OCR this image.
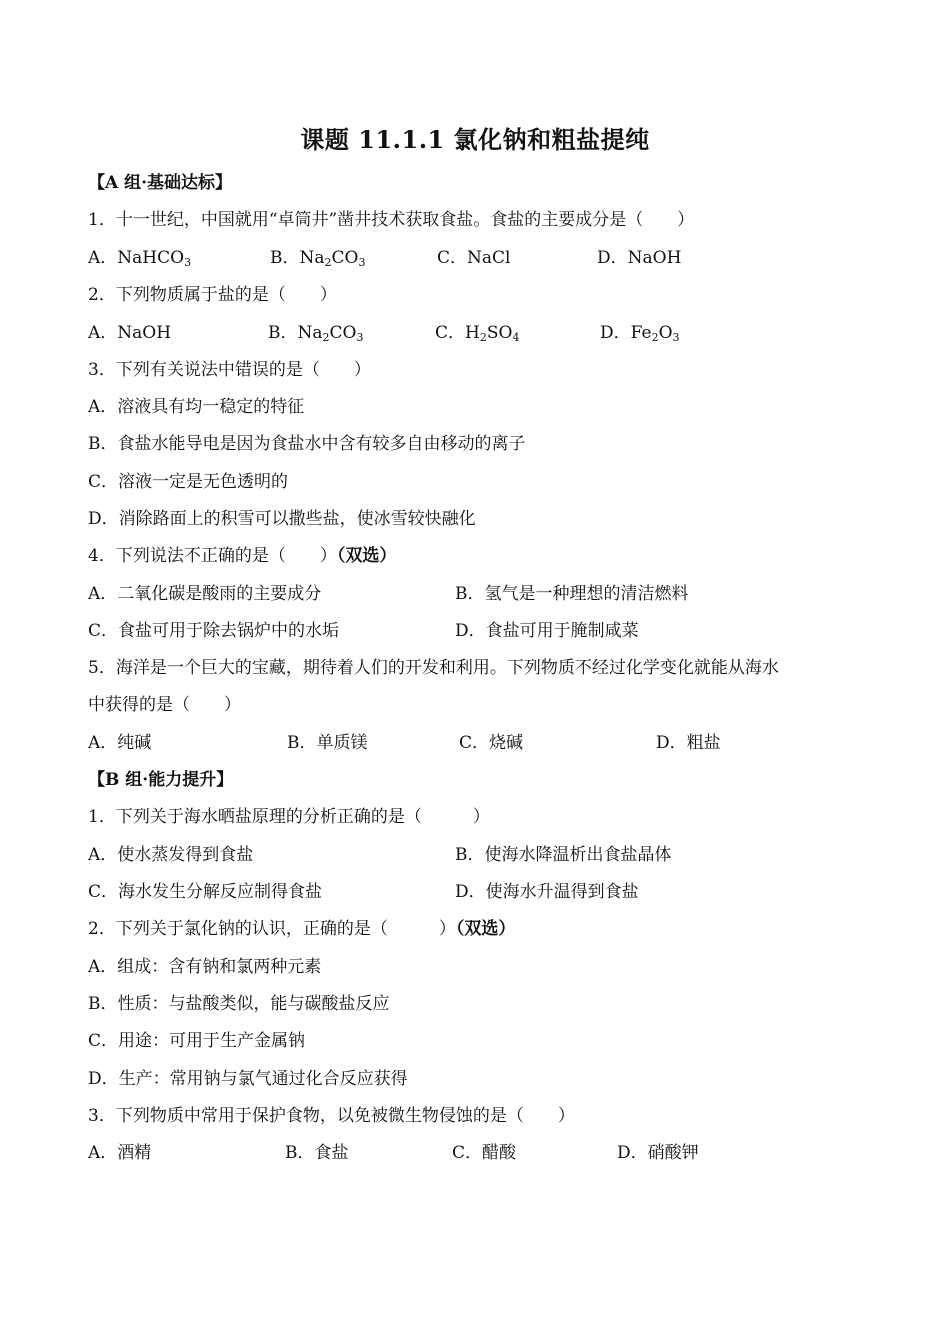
课题 11.1.1 氯化钠和粗盐提纯
【A 组·基础达标】
1．十一世纪，中国就用“卓筒井”凿井技术获取食盐。食盐的主要成分是（　　）
A．NaHCO$_3$	B．$Na_2CO_3$	C．NaCl	D．NaOH
2．下列物质属于盐的是（　　）
A．NaOH	B．$Na_2CO_3$	C．$H_2SO_4$	D．$Fe_2O_3$
3．下列有关说法中错误的是（　　）
A．溶液具有均一稳定的特征
B．食盐水能导电是因为食盐水中含有较多自由移动的离子
C．溶液一定是无色透明的
D．消除路面上的积雪可以撒些盐，使冰雪较快融化
4．下列说法不正确的是（　　）（双选）
A．二氧化碳是酸雨的主要成分	B．氢气是一种理想的清洁燃料
C．食盐可用于除去锅炉中的水垢	D．食盐可用于腌制咸菜
5．海洋是一个巨大的宝藏，期待着人们的开发和利用。下列物质不经过化学变化就能从海水
中获得的是（　　）
A．纯碱	B．单质镁	C．烧碱	D．粗盐
【B 组·能力提升】
1．下列关于海水晒盐原理的分析正确的是（　　　）
A．使水蒸发得到食盐	B．使海水降温析出食盐晶体
C．海水发生分解反应制得食盐	D．使海水升温得到食盐
2．下列关于氯化钠的认识，正确的是（　　　）（双选）
A．组成：含有钠和氯两种元素
B．性质：与盐酸类似，能与碳酸盐反应
C．用途：可用于生产金属钠
D．生产：常用钠与氯气通过化合反应获得
3．下列物质中常用于保护食物，以免被微生物侵蚀的是（　　）
A．酒精	B．食盐	C．醋酸	D．硝酸钾
